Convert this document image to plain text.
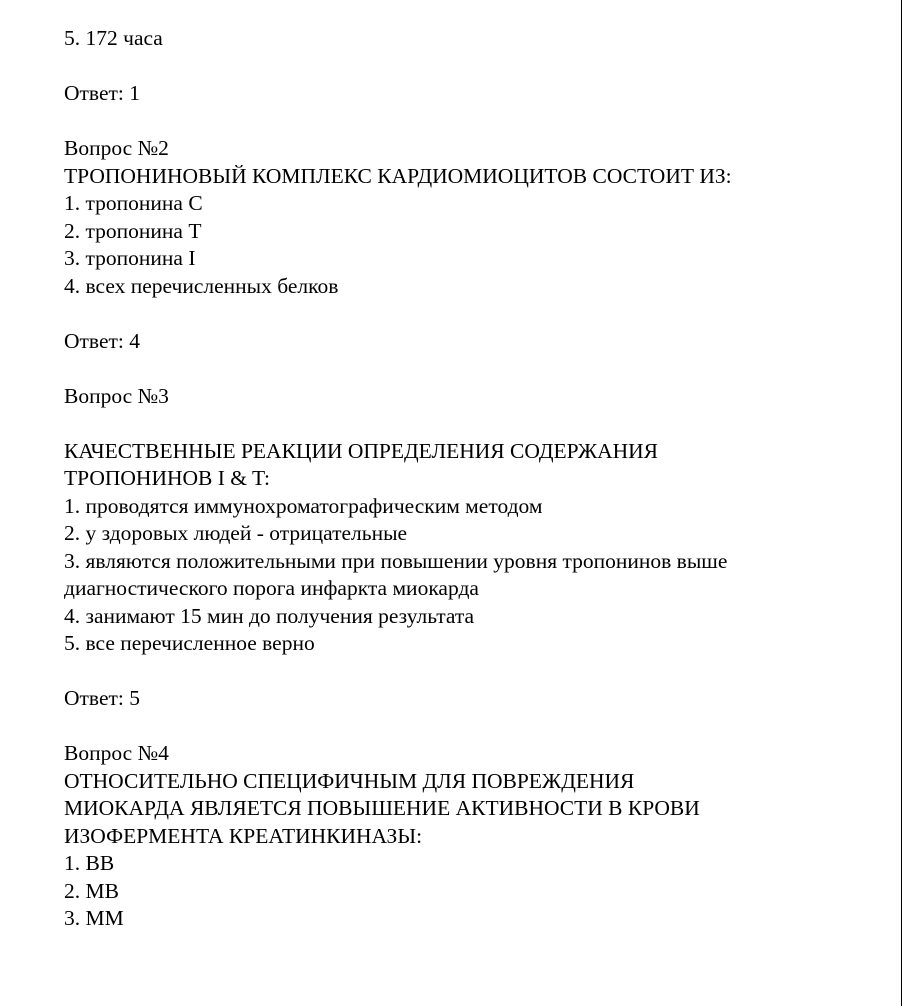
5. 172 часа
Ответ: 1
Вопрос №2
ТРОПОНИНОВЫЙ КОМПЛЕКС КАРДИОМИОЦИТОВ СОСТОИТ ИЗ:
1. тропонина С
2. тропонина Т
3. тропонина I
4. всех перечисленных белков
Ответ: 4
Вопрос №3
КАЧЕСТВЕННЫЕ РЕАКЦИИ ОПРЕДЕЛЕНИЯ СОДЕРЖАНИЯ
ТРОПОНИНОВ I & T:
1. проводятся иммунохроматографическим методом
2. у здоровых людей - отрицательные
3. являются положительными при повышении уровня тропонинов выше
диагностического порога инфаркта миокарда
4. занимают 15 мин до получения результата
5. все перечисленное верно
Ответ: 5
Вопрос №4
ОТНОСИТЕЛЬНО СПЕЦИФИЧНЫМ ДЛЯ ПОВРЕЖДЕНИЯ
МИОКАРДА ЯВЛЯЕТСЯ ПОВЫШЕНИЕ АКТИВНОСТИ В КРОВИ
ИЗОФЕРМЕНТА КРЕАТИНКИНАЗЫ:
1. ВВ
2. МВ
3. ММ
